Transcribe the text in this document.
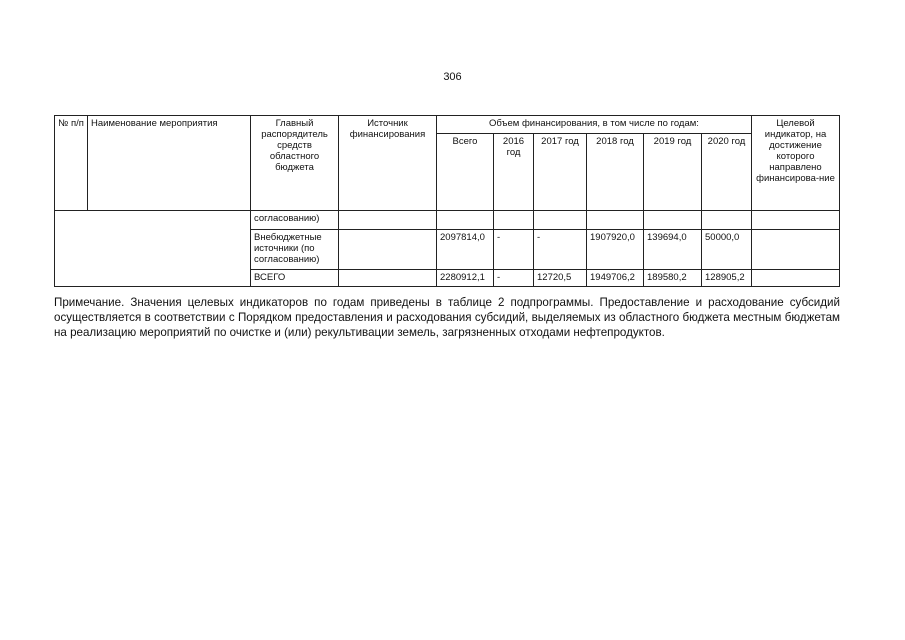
306
№ п/п	Наименование мероприятия	Главный распорядитель средств областного бюджета	Источник финансирования	Объем финансирования, в том числе по годам:						Целевой индикатор, на достижение которого направлено финансирова-ние
				Всего	2016 год	2017 год	2018 год	2019 год	2020 год	
		согласованию)								
		Внебюджетные источники (по согласованию)		2097814,0	-	-	1907920,0	139694,0	50000,0	
		ВСЕГО		2280912,1	-	12720,5	1949706,2	189580,2	128905,2	

Примечание. Значения целевых индикаторов по годам приведены в таблице 2 подпрограммы. Предоставление и расходование субсидий осуществляется в соответствии с Порядком предоставления и расходования субсидий, выделяемых из областного бюджета местным бюджетам на реализацию мероприятий по очистке и (или) рекультивации земель, загрязненных отходами нефтепродуктов.
